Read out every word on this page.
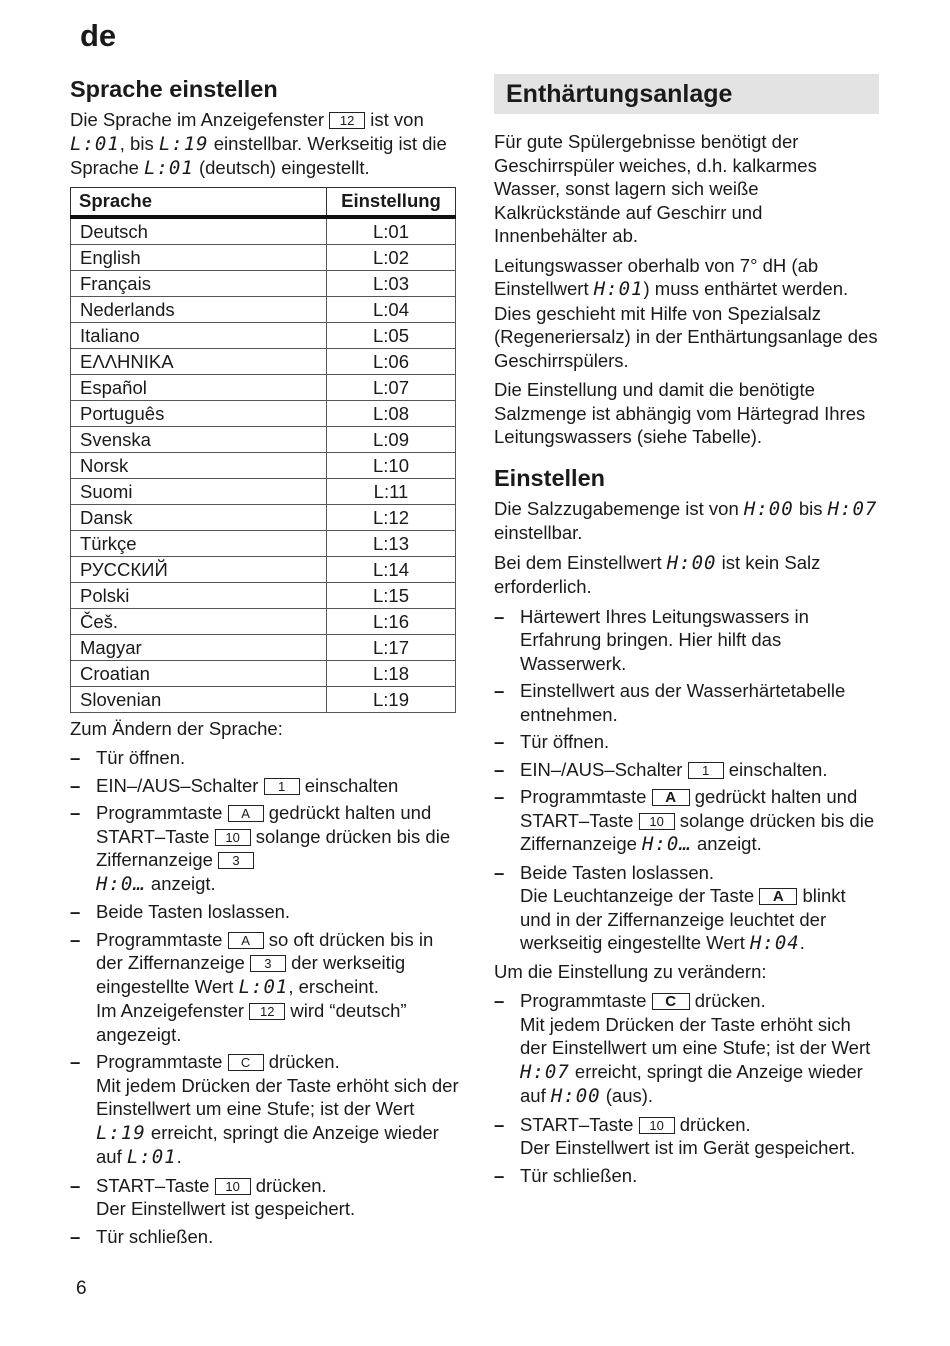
de
Sprache einstellen

Die Sprache im Anzeigefenster 12 ist von L:01, bis L:19 einstellbar. Werkseitig ist die Sprache L:01 (deutsch) eingestellt.

Sprache	Einstellung
Deutsch	L:01
English	L:02
Français	L:03
Nederlands	L:04
Italiano	L:05
ΕΛΛΗΝΙΚΑ	L:06
Español	L:07
Português	L:08
Svenska	L:09
Norsk	L:10
Suomi	L:11
Dansk	L:12
Türkçe	L:13
РУССКИЙ	L:14
Polski	L:15
Češ.	L:16
Magyar	L:17
Croatian	L:18
Slovenian	L:19

Zum Ändern der Sprache:

– Tür öffnen.
– EIN–/AUS–Schalter 1 einschalten
– Programmtaste A gedrückt halten und START–Taste 10 solange drücken bis die Ziffernanzeige 3
H:0… anzeigt.
– Beide Tasten loslassen.
– Programmtaste A so oft drücken bis in der Ziffernanzeige 3 der werkseitig eingestellte Wert L:01, erscheint.
Im Anzeigefenster 12 wird “deutsch” angezeigt.
– Programmtaste C drücken.
Mit jedem Drücken der Taste erhöht sich der Einstellwert um eine Stufe; ist der Wert L:19 erreicht, springt die Anzeige wieder auf L:01.
– START–Taste 10 drücken.
Der Einstellwert ist gespeichert.
– Tür schließen.
Enthärtungsanlage

Für gute Spülergebnisse benötigt der Geschirrspüler weiches, d.h. kalkarmes Wasser, sonst lagern sich weiße Kalkrückstände auf Geschirr und Innenbehälter ab.

Leitungswasser oberhalb von 7° dH (ab Einstellwert H:01) muss enthärtet werden. Dies geschieht mit Hilfe von Spezialsalz (Regeneriersalz) in der Enthärtungsanlage des Geschirrspülers.

Die Einstellung und damit die benötigte Salzmenge ist abhängig vom Härtegrad Ihres Leitungswassers (siehe Tabelle).

Einstellen

Die Salzzugabemenge ist von H:00 bis H:07 einstellbar.

Bei dem Einstellwert H:00 ist kein Salz erforderlich.

– Härtewert Ihres Leitungswassers in Erfahrung bringen. Hier hilft das Wasserwerk.
– Einstellwert aus der Wasserhärtetabelle entnehmen.
– Tür öffnen.
– EIN–/AUS–Schalter 1 einschalten.
– Programmtaste A gedrückt halten und START–Taste 10 solange drücken bis die Ziffernanzeige H:0… anzeigt.
– Beide Tasten loslassen.
Die Leuchtanzeige der Taste A blinkt und in der Ziffernanzeige leuchtet der werkseitig eingestellte Wert H:04.

Um die Einstellung zu verändern:

– Programmtaste C drücken.
Mit jedem Drücken der Taste erhöht sich der Einstellwert um eine Stufe; ist der Wert H:07 erreicht, springt die Anzeige wieder auf H:00 (aus).
– START–Taste 10 drücken.
Der Einstellwert ist im Gerät gespeichert.
– Tür schließen.
6
